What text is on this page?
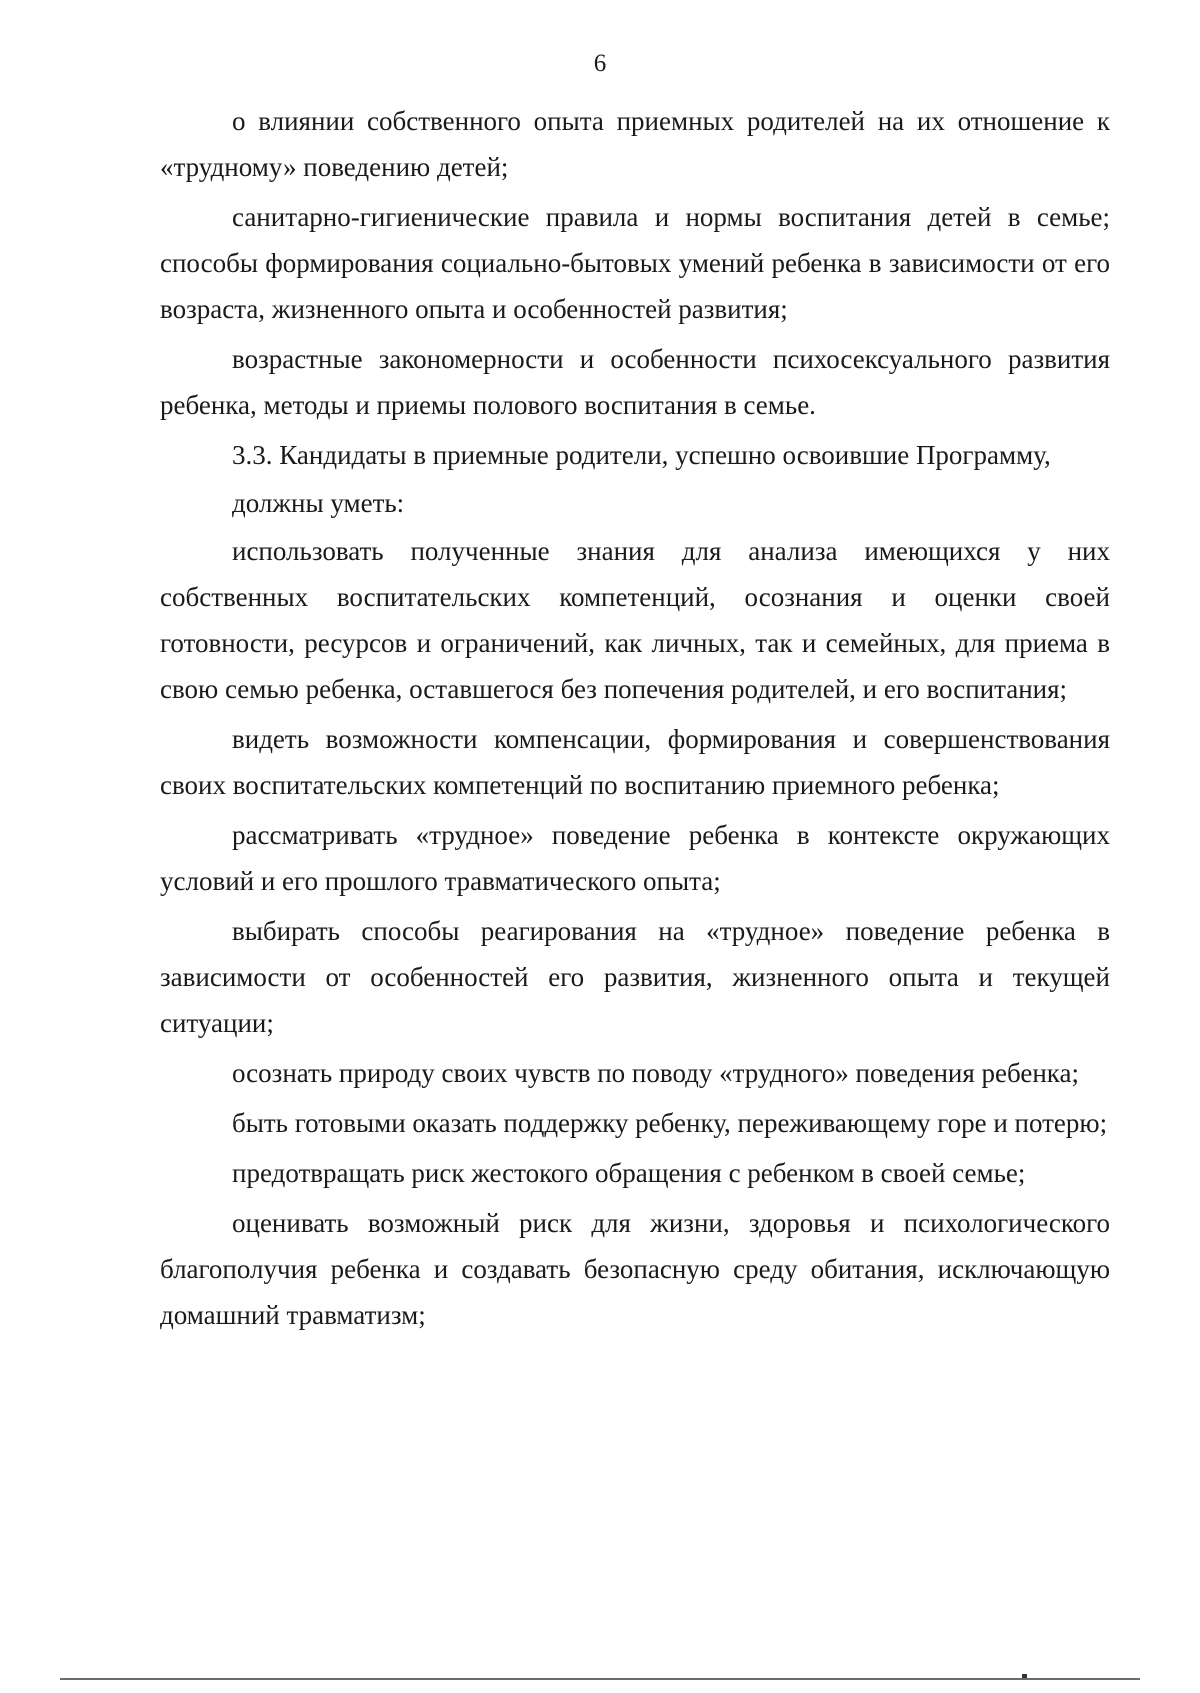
6

о влиянии собственного опыта приемных родителей на их отношение к «трудному» поведению детей;

санитарно-гигиенические правила и нормы воспитания детей в семье; способы формирования социально-бытовых умений ребенка в зависимости от его возраста, жизненного опыта и особенностей развития;

возрастные закономерности и особенности психосексуального развития ребенка, методы и приемы полового воспитания в семье.

3.3. Кандидаты в приемные родители, успешно освоившие Программу,

должны уметь:

использовать полученные знания для анализа имеющихся у них собственных воспитательских компетенций, осознания и оценки своей готовности, ресурсов и ограничений, как личных, так и семейных, для приема в свою семью ребенка, оставшегося без попечения родителей, и его воспитания;

видеть возможности компенсации, формирования и совершенствования своих воспитательских компетенций по воспитанию приемного ребенка;

рассматривать «трудное» поведение ребенка в контексте окружающих условий и его прошлого травматического опыта;

выбирать способы реагирования на «трудное» поведение ребенка в зависимости от особенностей его развития, жизненного опыта и текущей ситуации;

осознать природу своих чувств по поводу «трудного» поведения ребенка;

быть готовыми оказать поддержку ребенку, переживающему горе и потерю;

предотвращать риск жестокого обращения с ребенком в своей семье;

оценивать возможный риск для жизни, здоровья и психологического благополучия ребенка и создавать безопасную среду обитания, исключающую домашний травматизм;
